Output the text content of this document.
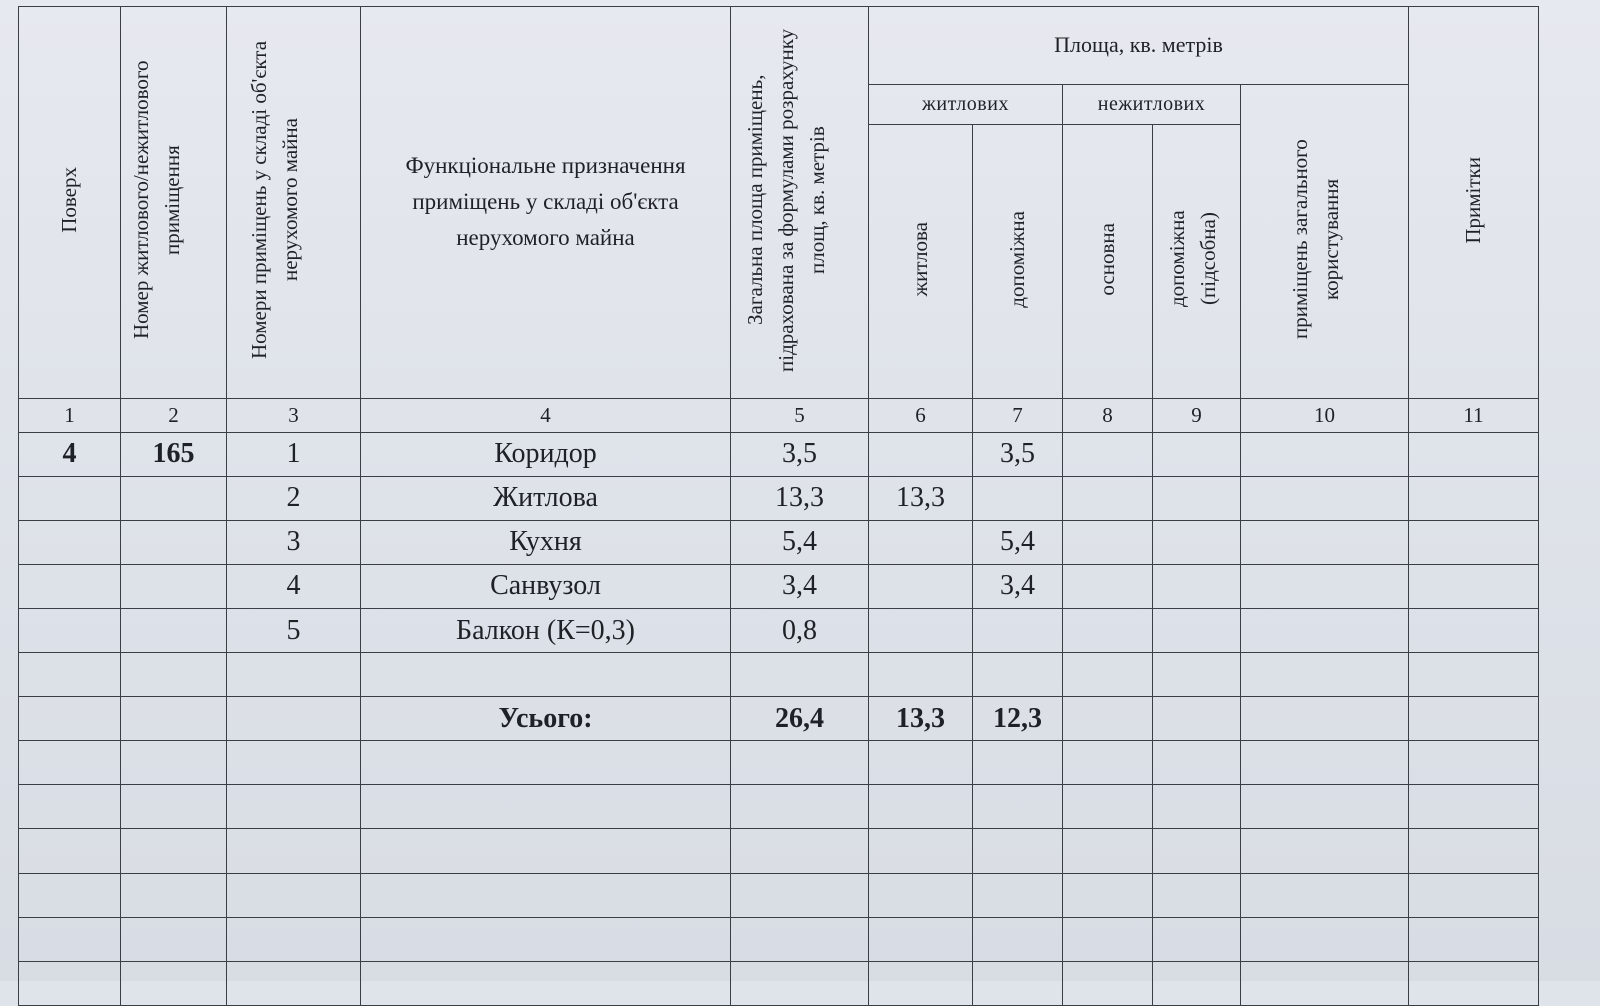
Поверх	Номер житлового/нежитлового приміщення	Номери приміщень у складі об'єкта нерухомого майна	Функціональне призначення приміщень у складі об'єкта нерухомого майна	Загальна площа приміщень, підрахована за формулами розрахунку площ, кв. метрів	Площа, кв. метрів					Примітки
					житлових		нежитлових		приміщень загального користування	
					житлова	допоміжна	основна	допоміжна (підсобна)		
1	2	3	4	5	6	7	8	9	10	11
4	165	1	Коридор	3,5		3,5				
		2	Житлова	13,3	13,3					
		3	Кухня	5,4		5,4				
		4	Санвузол	3,4		3,4				
		5	Балкон (К=0,3)	0,8						

			Усього:	26,4	13,3	12,3				
